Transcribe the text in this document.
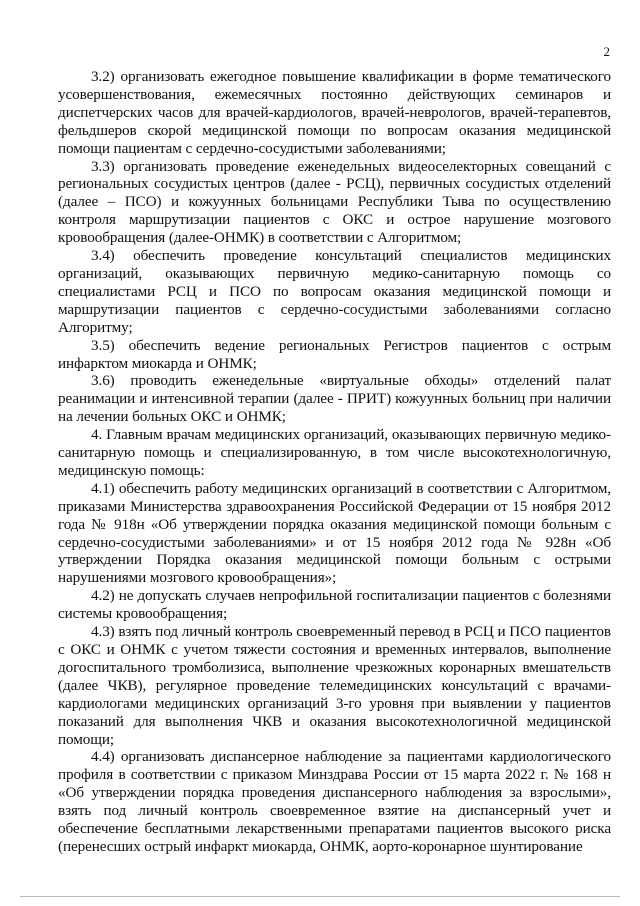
2

3.2) организовать ежегодное повышение квалификации в форме тематического усовершенствования, ежемесячных постоянно действующих семинаров и диспетчерских часов для врачей-кардиологов, врачей-неврологов, врачей-терапевтов, фельдшеров скорой медицинской помощи по вопросам оказания медицинской помощи пациентам с сердечно-сосудистыми заболеваниями;

3.3) организовать проведение еженедельных видеоселекторных совещаний с региональных сосудистых центров (далее - РСЦ), первичных сосудистых отделений (далее – ПСО) и кожуунных больницами Республики Тыва по осуществлению контроля маршрутизации пациентов с ОКС и острое нарушение мозгового кровообращения (далее-ОНМК) в соответствии с Алгоритмом;

3.4) обеспечить проведение консультаций специалистов медицинских организаций, оказывающих первичную медико-санитарную помощь со специалистами РСЦ и ПСО по вопросам оказания медицинской помощи и маршрутизации пациентов с сердечно-сосудистыми заболеваниями согласно Алгоритму;

3.5) обеспечить ведение региональных Регистров пациентов с острым инфарктом миокарда и ОНМК;

3.6) проводить еженедельные «виртуальные обходы» отделений палат реанимации и интенсивной терапии (далее - ПРИТ) кожуунных больниц при наличии на лечении больных ОКС и ОНМК;

4. Главным врачам медицинских организаций, оказывающих первичную медико-санитарную помощь и специализированную, в том числе высокотехнологичную, медицинскую помощь:

4.1) обеспечить работу медицинских организаций в соответствии с Алгоритмом, приказами Министерства здравоохранения Российской Федерации от 15 ноября 2012 года № 918н «Об утверждении порядка оказания медицинской помощи больным с сердечно-сосудистыми заболеваниями» и от 15 ноября 2012 года № 928н «Об утверждении Порядка оказания медицинской помощи больным с острыми нарушениями мозгового кровообращения»;

4.2) не допускать случаев непрофильной госпитализации пациентов с болезнями системы кровообращения;

4.3) взять под личный контроль своевременный перевод в РСЦ и ПСО пациентов с ОКС и ОНМК с учетом тяжести состояния и временных интервалов, выполнение догоспитального тромболизиса, выполнение чрезкожных коронарных вмешательств (далее ЧКВ), регулярное проведение телемедицинских консультаций с врачами-кардиологами медицинских организаций 3-го уровня при выявлении у пациентов показаний для выполнения ЧКВ и оказания высокотехнологичной медицинской помощи;

4.4) организовать диспансерное наблюдение за пациентами кардиологического профиля в соответствии с приказом Минздрава России от 15 марта 2022 г. № 168 н «Об утверждении порядка проведения диспансерного наблюдения за взрослыми», взять под личный контроль своевременное взятие на диспансерный учет и обеспечение бесплатными лекарственными препаратами пациентов высокого риска (перенесших острый инфаркт миокарда, ОНМК, аорто-коронарное шунтирование
